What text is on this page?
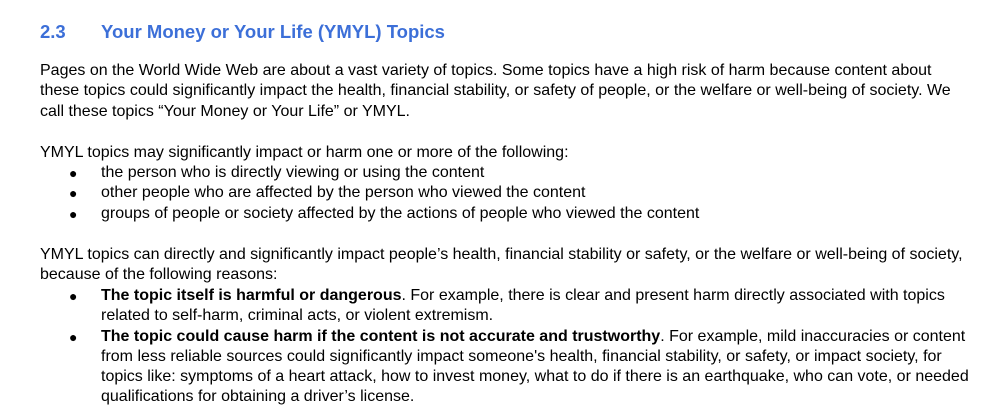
2.3 Your Money or Your Life (YMYL) Topics

Pages on the World Wide Web are about a vast variety of topics. Some topics have a high risk of harm because content about these topics could significantly impact the health, financial stability, or safety of people, or the welfare or well-being of society. We call these topics “Your Money or Your Life” or YMYL.

YMYL topics may significantly impact or harm one or more of the following:

● the person who is directly viewing or using the content
● other people who are affected by the person who viewed the content
● groups of people or society affected by the actions of people who viewed the content

YMYL topics can directly and significantly impact people’s health, financial stability or safety, or the welfare or well-being of society, because of the following reasons:

● The topic itself is harmful or dangerous. For example, there is clear and present harm directly associated with topics related to self-harm, criminal acts, or violent extremism.
● The topic could cause harm if the content is not accurate and trustworthy. For example, mild inaccuracies or content from less reliable sources could significantly impact someone's health, financial stability, or safety, or impact society, for topics like: symptoms of a heart attack, how to invest money, what to do if there is an earthquake, who can vote, or needed qualifications for obtaining a driver’s license.
